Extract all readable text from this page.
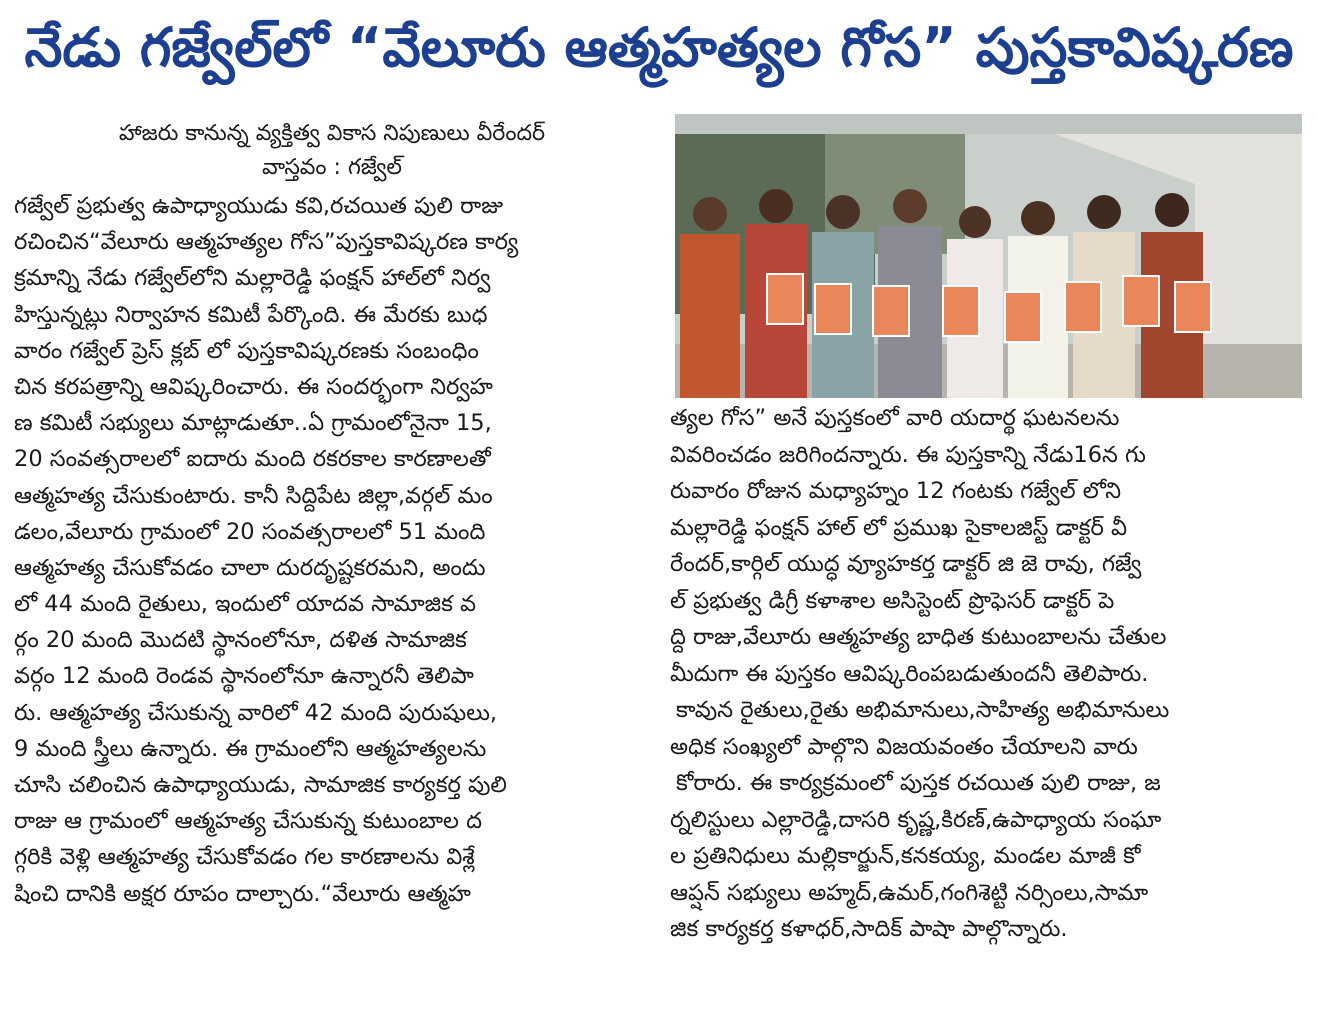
నేడు గజ్వేల్‌లో “వేలూరు ఆత్మహత్యల గోస” పుస్తకావిష్కరణ
హాజరు కానున్న వ్యక్తిత్వ వికాస నిపుణులు వీరేందర్
వాస్తవం : గజ్వేల్
గజ్వేల్ ప్రభుత్వ ఉపాధ్యాయుడు కవి,రచయిత పులి రాజు
రచించిన“వేలూరు ఆత్మహత్యల గోస”పుస్తకావిష్కరణ కార్య
క్రమాన్ని నేడు గజ్వేల్‌లోని మల్లారెడ్డి ఫంక్షన్ హాల్‌లో నిర్వ
హిస్తున్నట్లు నిర్వాహన కమిటీ పేర్కొంది. ఈ మేరకు బుధ
వారం గజ్వేల్ ప్రెస్ క్లబ్ లో పుస్తకావిష్కరణకు సంబంధిం
చిన కరపత్రాన్ని ఆవిష్కరించారు. ఈ సందర్భంగా నిర్వహ
ణ కమిటీ సభ్యులు మాట్లాడుతూ..ఏ గ్రామంలోనైనా 15,
20 సంవత్సరాలలో ఐదారు మంది రకరకాల కారణాలతో
ఆత్మహత్య చేసుకుంటారు. కానీ సిద్దిపేట జిల్లా,వర్గల్ మం
డలం,వేలూరు గ్రామంలో 20 సంవత్సరాలలో 51 మంది
ఆత్మహత్య చేసుకోవడం చాలా దురదృష్టకరమని, అందు
లో 44 మంది రైతులు, ఇందులో యాదవ సామాజిక వ
ర్గం 20 మంది మొదటి స్థానంలోనూ, దళిత సామాజిక
వర్గం 12 మంది రెండవ స్థానంలోనూ ఉన్నారనీ తెలిపా
రు. ఆత్మహత్య చేసుకున్న వారిలో 42 మంది పురుషులు,
9 మంది స్త్రీలు ఉన్నారు. ఈ గ్రామంలోని ఆత్మహత్యలను
చూసి చలించిన ఉపాధ్యాయుడు, సామాజిక కార్యకర్త పులి
రాజు ఆ గ్రామంలో ఆత్మహత్య చేసుకున్న కుటుంబాల ద
గ్గరికి వెళ్లి ఆత్మహత్య చేసుకోవడం గల కారణాలను విశ్లే
షించి దానికి అక్షర రూపం దాల్చారు.“వేలూరు ఆత్మహ
త్యల గోస” అనే పుస్తకంలో వారి యదార్థ ఘటనలను
వివరించడం జరిగిందన్నారు. ఈ పుస్తకాన్ని నేడు16న గు
రువారం రోజున మధ్యాహ్నం 12 గంటకు గజ్వేల్ లోని
మల్లారెడ్డి ఫంక్షన్ హాల్ లో ప్రముఖ సైకాలజిస్ట్ డాక్టర్ వీ
రేందర్,కార్గిల్ యుద్ధ వ్యూహకర్త డాక్టర్ జి జె రావు, గజ్వే
ల్ ప్రభుత్వ డిగ్రీ కళాశాల అసిస్టెంట్ ప్రొఫెసర్ డాక్టర్ పె
ద్ది రాజు,వేలూరు ఆత్మహత్య బాధిత కుటుంబాలను చేతుల
మీదుగా ఈ పుస్తకం ఆవిష్కరింపబడుతుందనీ తెలిపారు.
కావున రైతులు,రైతు అభిమానులు,సాహిత్య అభిమానులు
అధిక సంఖ్యలో పాల్గొని విజయవంతం చేయాలని వారు
కోరారు. ఈ కార్యక్రమంలో పుస్తక రచయిత పులి రాజు, జ
ర్నలిస్టులు ఎల్లారెడ్డి,దాసరి కృష్ణ,కిరణ్,ఉపాధ్యాయ సంఘా
ల ప్రతినిధులు మల్లికార్జున్,కనకయ్య, మండల మాజీ కో
ఆప్షన్ సభ్యులు అహ్మద్,ఉమర్,గంగిశెట్టి నర్సింలు,సామా
జిక కార్యకర్త కళాధర్,సాదిక్ పాషా పాల్గొన్నారు.
